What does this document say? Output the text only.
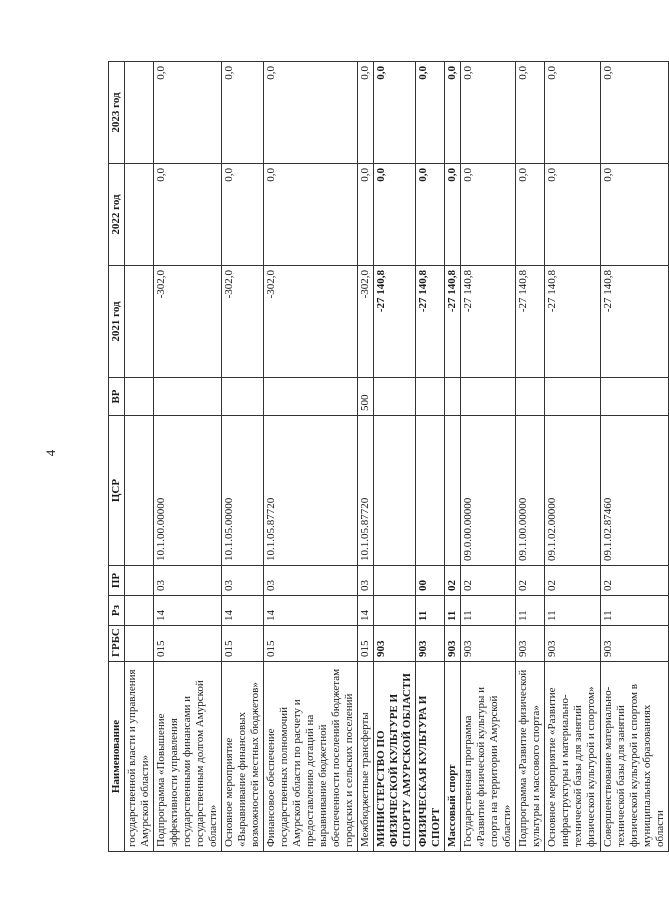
4
Наименование	ГРБС	Рз	ПР	ЦСР	ВР	2021 год	2022 год	2023 год
государственной власти и управления Амурской области»								
Подпрограмма «Повышение эффективности управления государственными финансами и государственным долгом Амурской области»	015	14	03	10.1.00.00000		-302,0	0,0	0,0
Основное мероприятие «Выравнивание финансовых возможностей местных бюджетов»	015	14	03	10.1.05.00000		-302,0	0,0	0,0
Финансовое обеспечение государственных полномочий Амурской области по расчету и предоставлению дотаций на выравнивание бюджетной обеспеченности поселений бюджетам городских и сельских поселений	015	14	03	10.1.05.87720		-302,0	0,0	0,0
Межбюджетные трансферты	015	14	03	10.1.05.87720	500	-302,0	0,0	0,0
МИНИСТЕРСТВО ПО ФИЗИЧЕСКОЙ КУЛЬТУРЕ И СПОРТУ АМУРСКОЙ ОБЛАСТИ	903					-27 140,8	0,0	0,0
ФИЗИЧЕСКАЯ КУЛЬТУРА И СПОРТ	903	11	00			-27 140,8	0,0	0,0
Массовый спорт	903	11	02			-27 140,8	0,0	0,0
Государственная программа «Развитие физической культуры и спорта на территории Амурской области»	903	11	02	09.0.00.00000		-27 140,8	0,0	0,0
Подпрограмма «Развитие физической культуры и массового спорта»	903	11	02	09.1.00.00000		-27 140,8	0,0	0,0
Основное мероприятие «Развитие инфраструктуры и материально-технической базы для занятий физической культурой и спортом»	903	11	02	09.1.02.00000		-27 140,8	0,0	0,0
Совершенствование материально-технической базы для занятий физической культурой и спортом в муниципальных образованиях области	903	11	02	09.1.02.87460		-27 140,8	0,0	0,0
